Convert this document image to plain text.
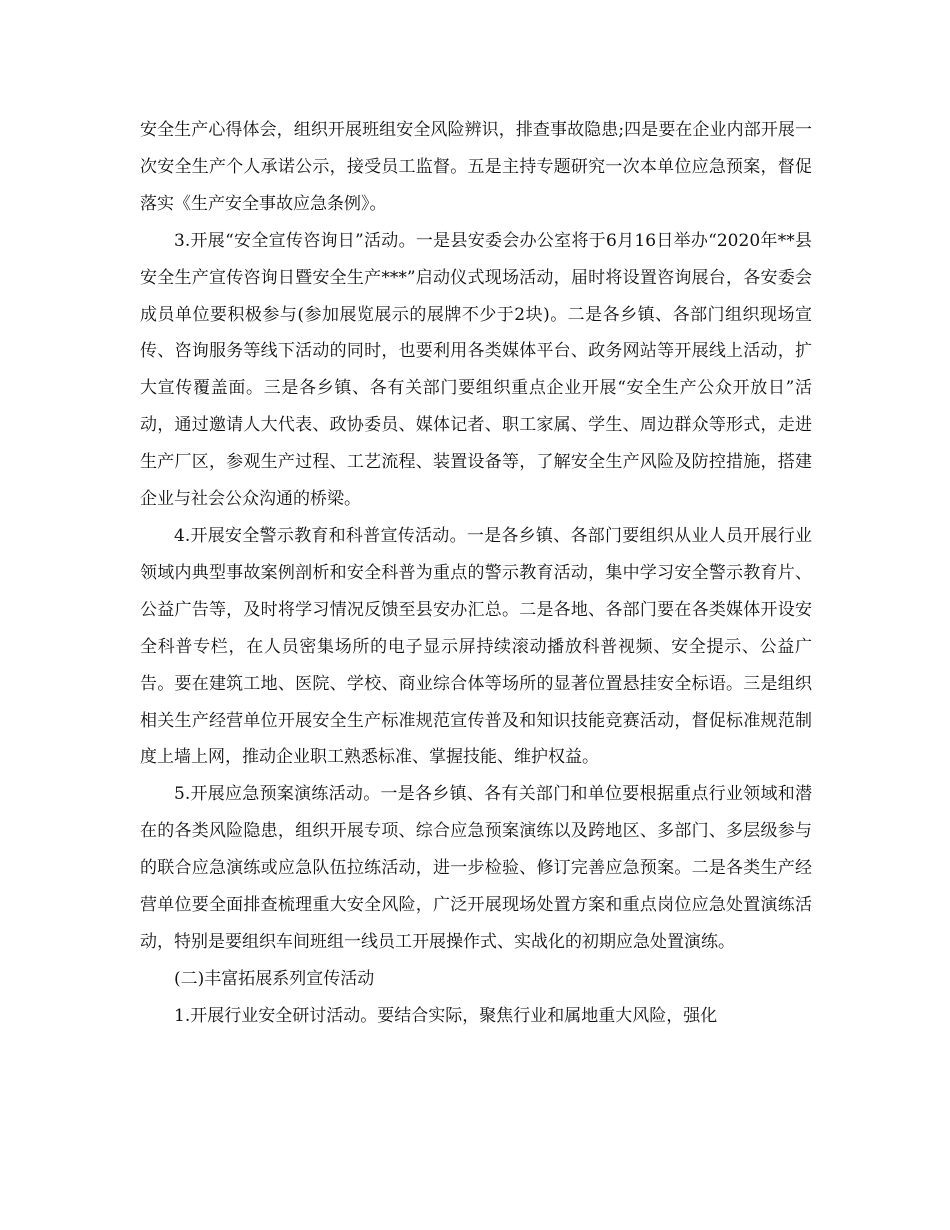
安全生产心得体会，组织开展班组安全风险辨识，排查事故隐患;四是要在企业内部开展一次安全生产个人承诺公示，接受员工监督。五是主持专题研究一次本单位应急预案，督促落实《生产安全事故应急条例》。

3.开展“安全宣传咨询日”活动。一是县安委会办公室将于6月16日举办“2020年**县安全生产宣传咨询日暨安全生产***”启动仪式现场活动，届时将设置咨询展台，各安委会成员单位要积极参与(参加展览展示的展牌不少于2块)。二是各乡镇、各部门组织现场宣传、咨询服务等线下活动的同时，也要利用各类媒体平台、政务网站等开展线上活动，扩大宣传覆盖面。三是各乡镇、各有关部门要组织重点企业开展“安全生产公众开放日”活动，通过邀请人大代表、政协委员、媒体记者、职工家属、学生、周边群众等形式，走进生产厂区，参观生产过程、工艺流程、装置设备等，了解安全生产风险及防控措施，搭建企业与社会公众沟通的桥梁。

4.开展安全警示教育和科普宣传活动。一是各乡镇、各部门要组织从业人员开展行业领域内典型事故案例剖析和安全科普为重点的警示教育活动，集中学习安全警示教育片、公益广告等，及时将学习情况反馈至县安办汇总。二是各地、各部门要在各类媒体开设安全科普专栏，在人员密集场所的电子显示屏持续滚动播放科普视频、安全提示、公益广告。要在建筑工地、医院、学校、商业综合体等场所的显著位置悬挂安全标语。三是组织相关生产经营单位开展安全生产标准规范宣传普及和知识技能竞赛活动，督促标准规范制度上墙上网，推动企业职工熟悉标准、掌握技能、维护权益。

5.开展应急预案演练活动。一是各乡镇、各有关部门和单位要根据重点行业领域和潜在的各类风险隐患，组织开展专项、综合应急预案演练以及跨地区、多部门、多层级参与的联合应急演练或应急队伍拉练活动，进一步检验、修订完善应急预案。二是各类生产经营单位要全面排查梳理重大安全风险，广泛开展现场处置方案和重点岗位应急处置演练活动，特别是要组织车间班组一线员工开展操作式、实战化的初期应急处置演练。

(二)丰富拓展系列宣传活动

1.开展行业安全研讨活动。要结合实际，聚焦行业和属地重大风险，强化
